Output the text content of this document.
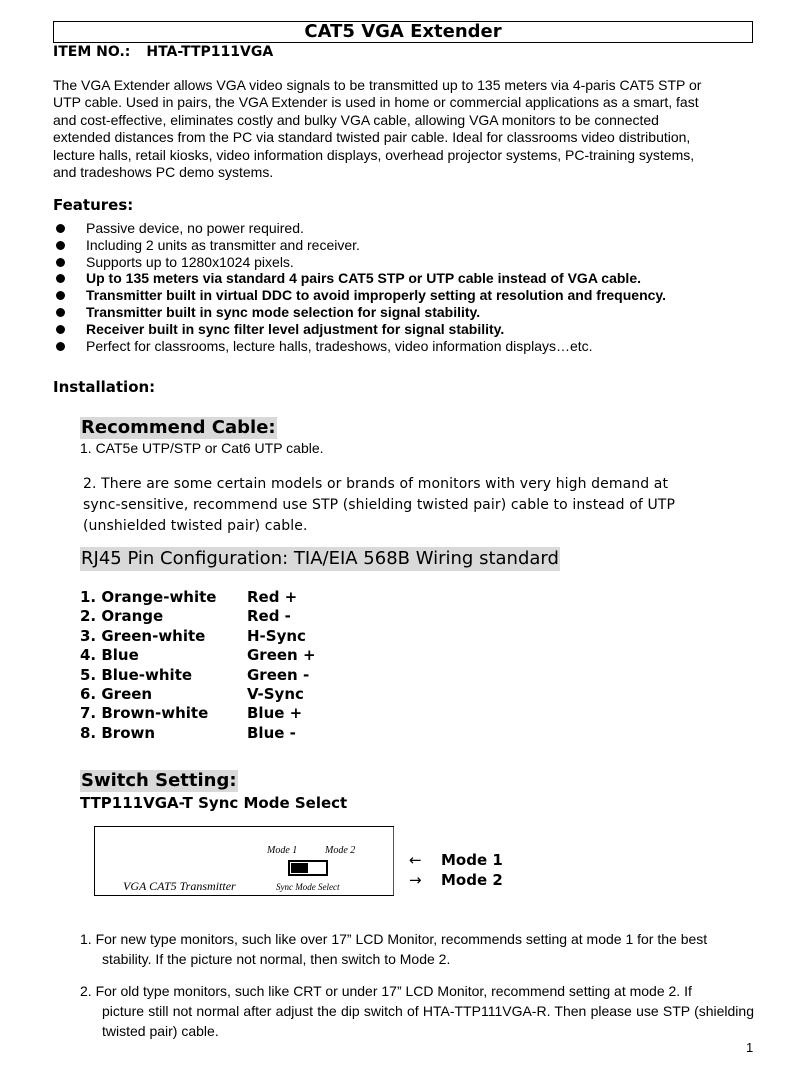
CAT5 VGA Extender
ITEM NO.: HTA-TTP111VGA
The VGA Extender allows VGA video signals to be transmitted up to 135 meters via 4-paris CAT5 STP or
UTP cable. Used in pairs, the VGA Extender is used in home or commercial applications as a smart, fast
and cost-effective, eliminates costly and bulky VGA cable, allowing VGA monitors to be connected
extended distances from the PC via standard twisted pair cable. Ideal for classrooms video distribution,
lecture halls, retail kiosks, video information displays, overhead projector systems, PC-training systems,
and tradeshows PC demo systems.
Features:
Passive device, no power required.
Including 2 units as transmitter and receiver.
Supports up to 1280x1024 pixels.
Up to 135 meters via standard 4 pairs CAT5 STP or UTP cable instead of VGA cable.
Transmitter built in virtual DDC to avoid improperly setting at resolution and frequency.
Transmitter built in sync mode selection for signal stability.
Receiver built in sync filter level adjustment for signal stability.
Perfect for classrooms, lecture halls, tradeshows, video information displays…etc.
Installation:
Recommend Cable:
1. CAT5e UTP/STP or Cat6 UTP cable.
2. There are some certain models or brands of monitors with very high demand at
sync-sensitive, recommend use STP (shielding twisted pair) cable to instead of UTP
(unshielded twisted pair) cable.
RJ45 Pin Configuration: TIA/EIA 568B Wiring standard
1. Orange-white Red +
2. Orange	Red -
3. Green-white	H-Sync
4. Blue	Green +
5. Blue-white	Green -
6. Green	V-Sync
7. Brown-white	Blue +
8. Brown	Blue -
Switch Setting:
TTP111VGA-T Sync Mode Select
Mode 1	Mode 2
Sync Mode Select
VGA CAT5 Transmitter
← Mode 1
→ Mode 2
1. For new type monitors, such like over 17” LCD Monitor, recommends setting at mode 1 for the best
stability. If the picture not normal, then switch to Mode 2.
2. For old type monitors, such like CRT or under 17” LCD Monitor, recommend setting at mode 2. If
picture still not normal after adjust the dip switch of HTA-TTP111VGA-R. Then please use STP (shielding twisted pair) cable.
1
